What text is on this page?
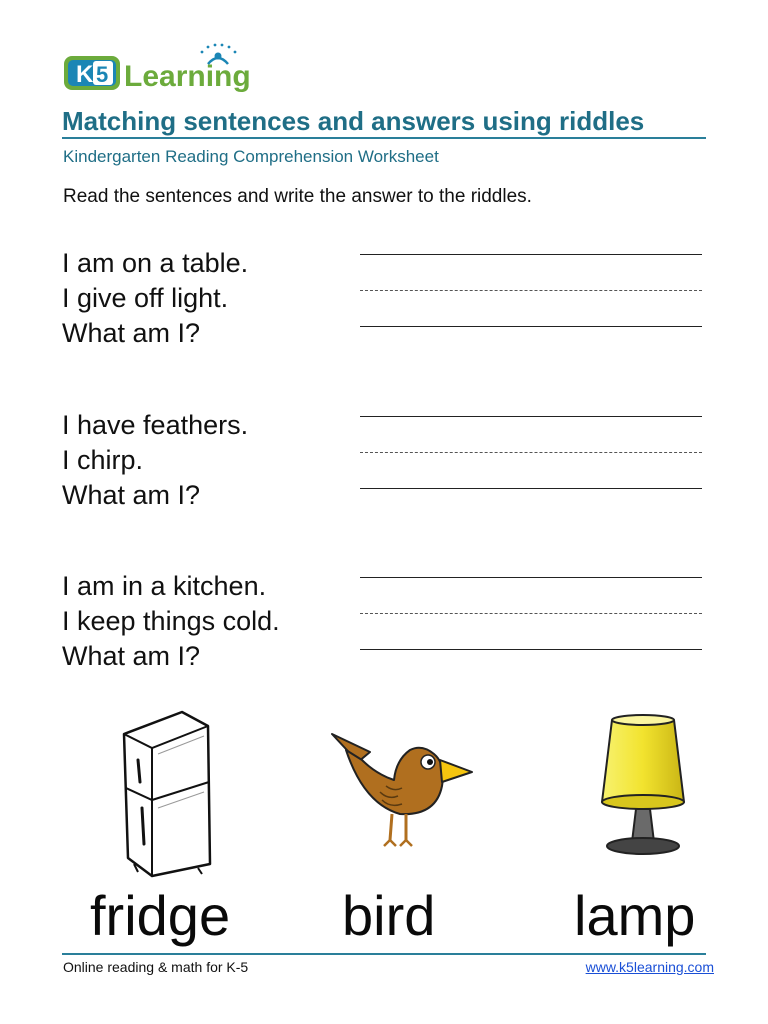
K 5 Learning
Matching sentences and answers using riddles
Kindergarten Reading Comprehension Worksheet
Read the sentences and write the answer to the riddles.
I am on a table.
I give off light.
What am I?
I have feathers.
I chirp.
What am I?
I am in a kitchen.
I keep things cold.
What am I?
fridge bird lamp
Online reading & math for K-5	www.k5learning.com
